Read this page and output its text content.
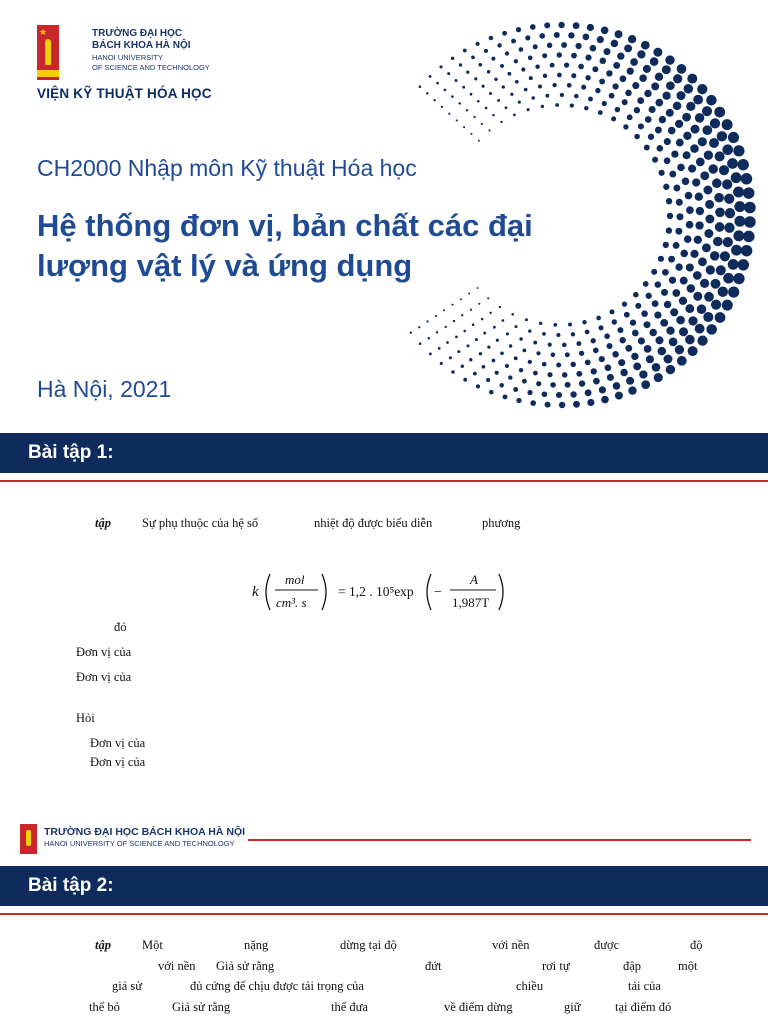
★	TRƯỜNG ĐẠI HỌC
BÁCH KHOA HÀ NỘI
HANOI UNIVERSITY
OF SCIENCE AND TECHNOLOGY
VIỆN KỸ THUẬT HÓA HỌC
CH2000 Nhập môn Kỹ thuật Hóa học
Hệ thống đơn vị, bản chất các đại
lượng vật lý và ứng dụng
Hà Nội, 2021
Bài tập 1:
tập Sự phụ thuộc của hệ số	nhiệt độ được biểu diễn	phương
k
mol
cm³. s
= 1,2 . 10⁵exp −
A
1,987T
đó
Đơn vị của
Đơn vị của
Hỏi
Đơn vị của
Đơn vị của
TRƯỜNG ĐẠI HỌC BÁCH KHOA HÀ NỘI
HANOI UNIVERSITY OF SCIENCE AND TECHNOLOGY
Bài tập 2:
tập Một	nặng	dừng tại độ	với nền	được	độ
với nền Giả sử rằng	đứt	rơi tự	đập	một
giả sử	đủ cứng để chịu được tải trọng của	chiều	tải của
thể bỏ	Giả sử rằng	thể đưa	về điểm dừng	giữ	tại điểm đó
